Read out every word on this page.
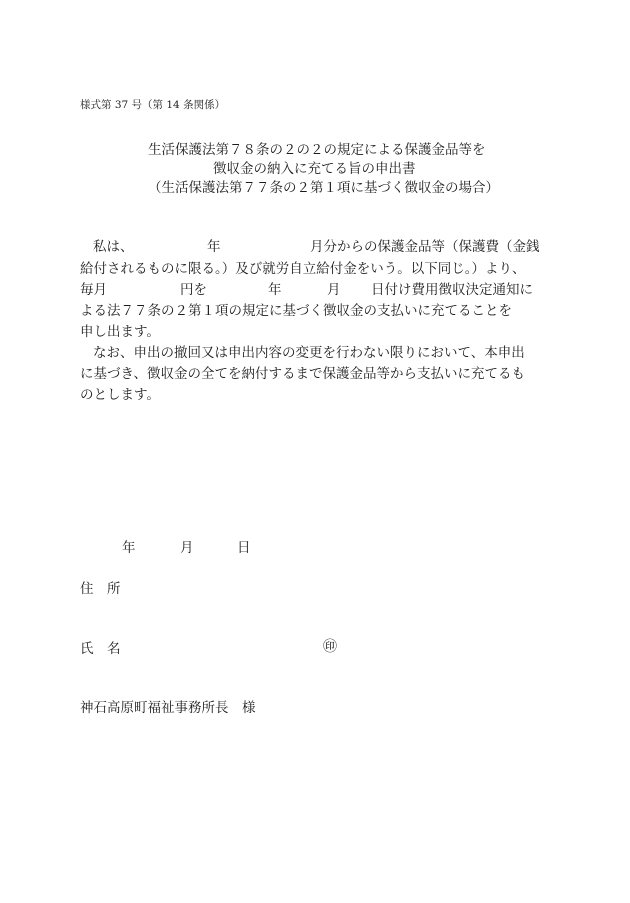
様式第 37 号（第 14 条関係）
生活保護法第７８条の２の２の規定による保護金品等を
徴収金の納入に充てる旨の申出書
（生活保護法第７７条の２第１項に基づく徴収金の場合）
私は、	年	月分からの保護金品等（保護費（金銭
給付されるものに限る。）及び就労自立給付金をいう。以下同じ。）より、
毎月	円を	年	月 日付け費用徴収決定通知に
よる法７７条の２第１項の規定に基づく徴収金の支払いに充てることを
申し出ます。
なお、申出の撤回又は申出内容の変更を行わない限りにおいて、本申出
に基づき、徴収金の全てを納付するまで保護金品等から支払いに充てるも
のとします。
年	月	日
住　所
氏　名	㊞
神石高原町福祉事務所長　様
